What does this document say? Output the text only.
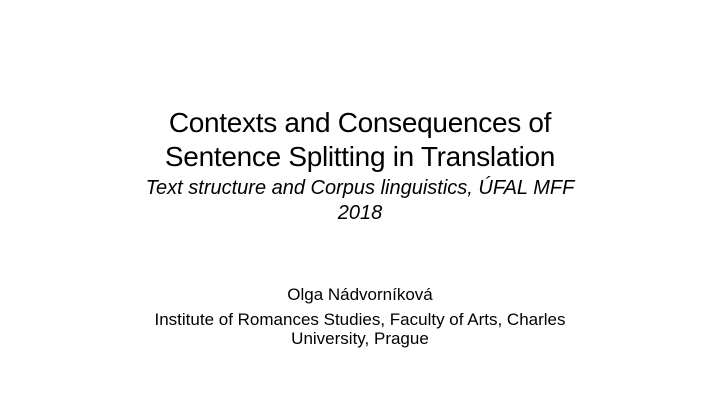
Contexts and Consequences of
Sentence Splitting in Translation
Text structure and Corpus linguistics, ÚFAL MFF
2018
Olga Nádvorníková
Institute of Romances Studies, Faculty of Arts, Charles
University, Prague
